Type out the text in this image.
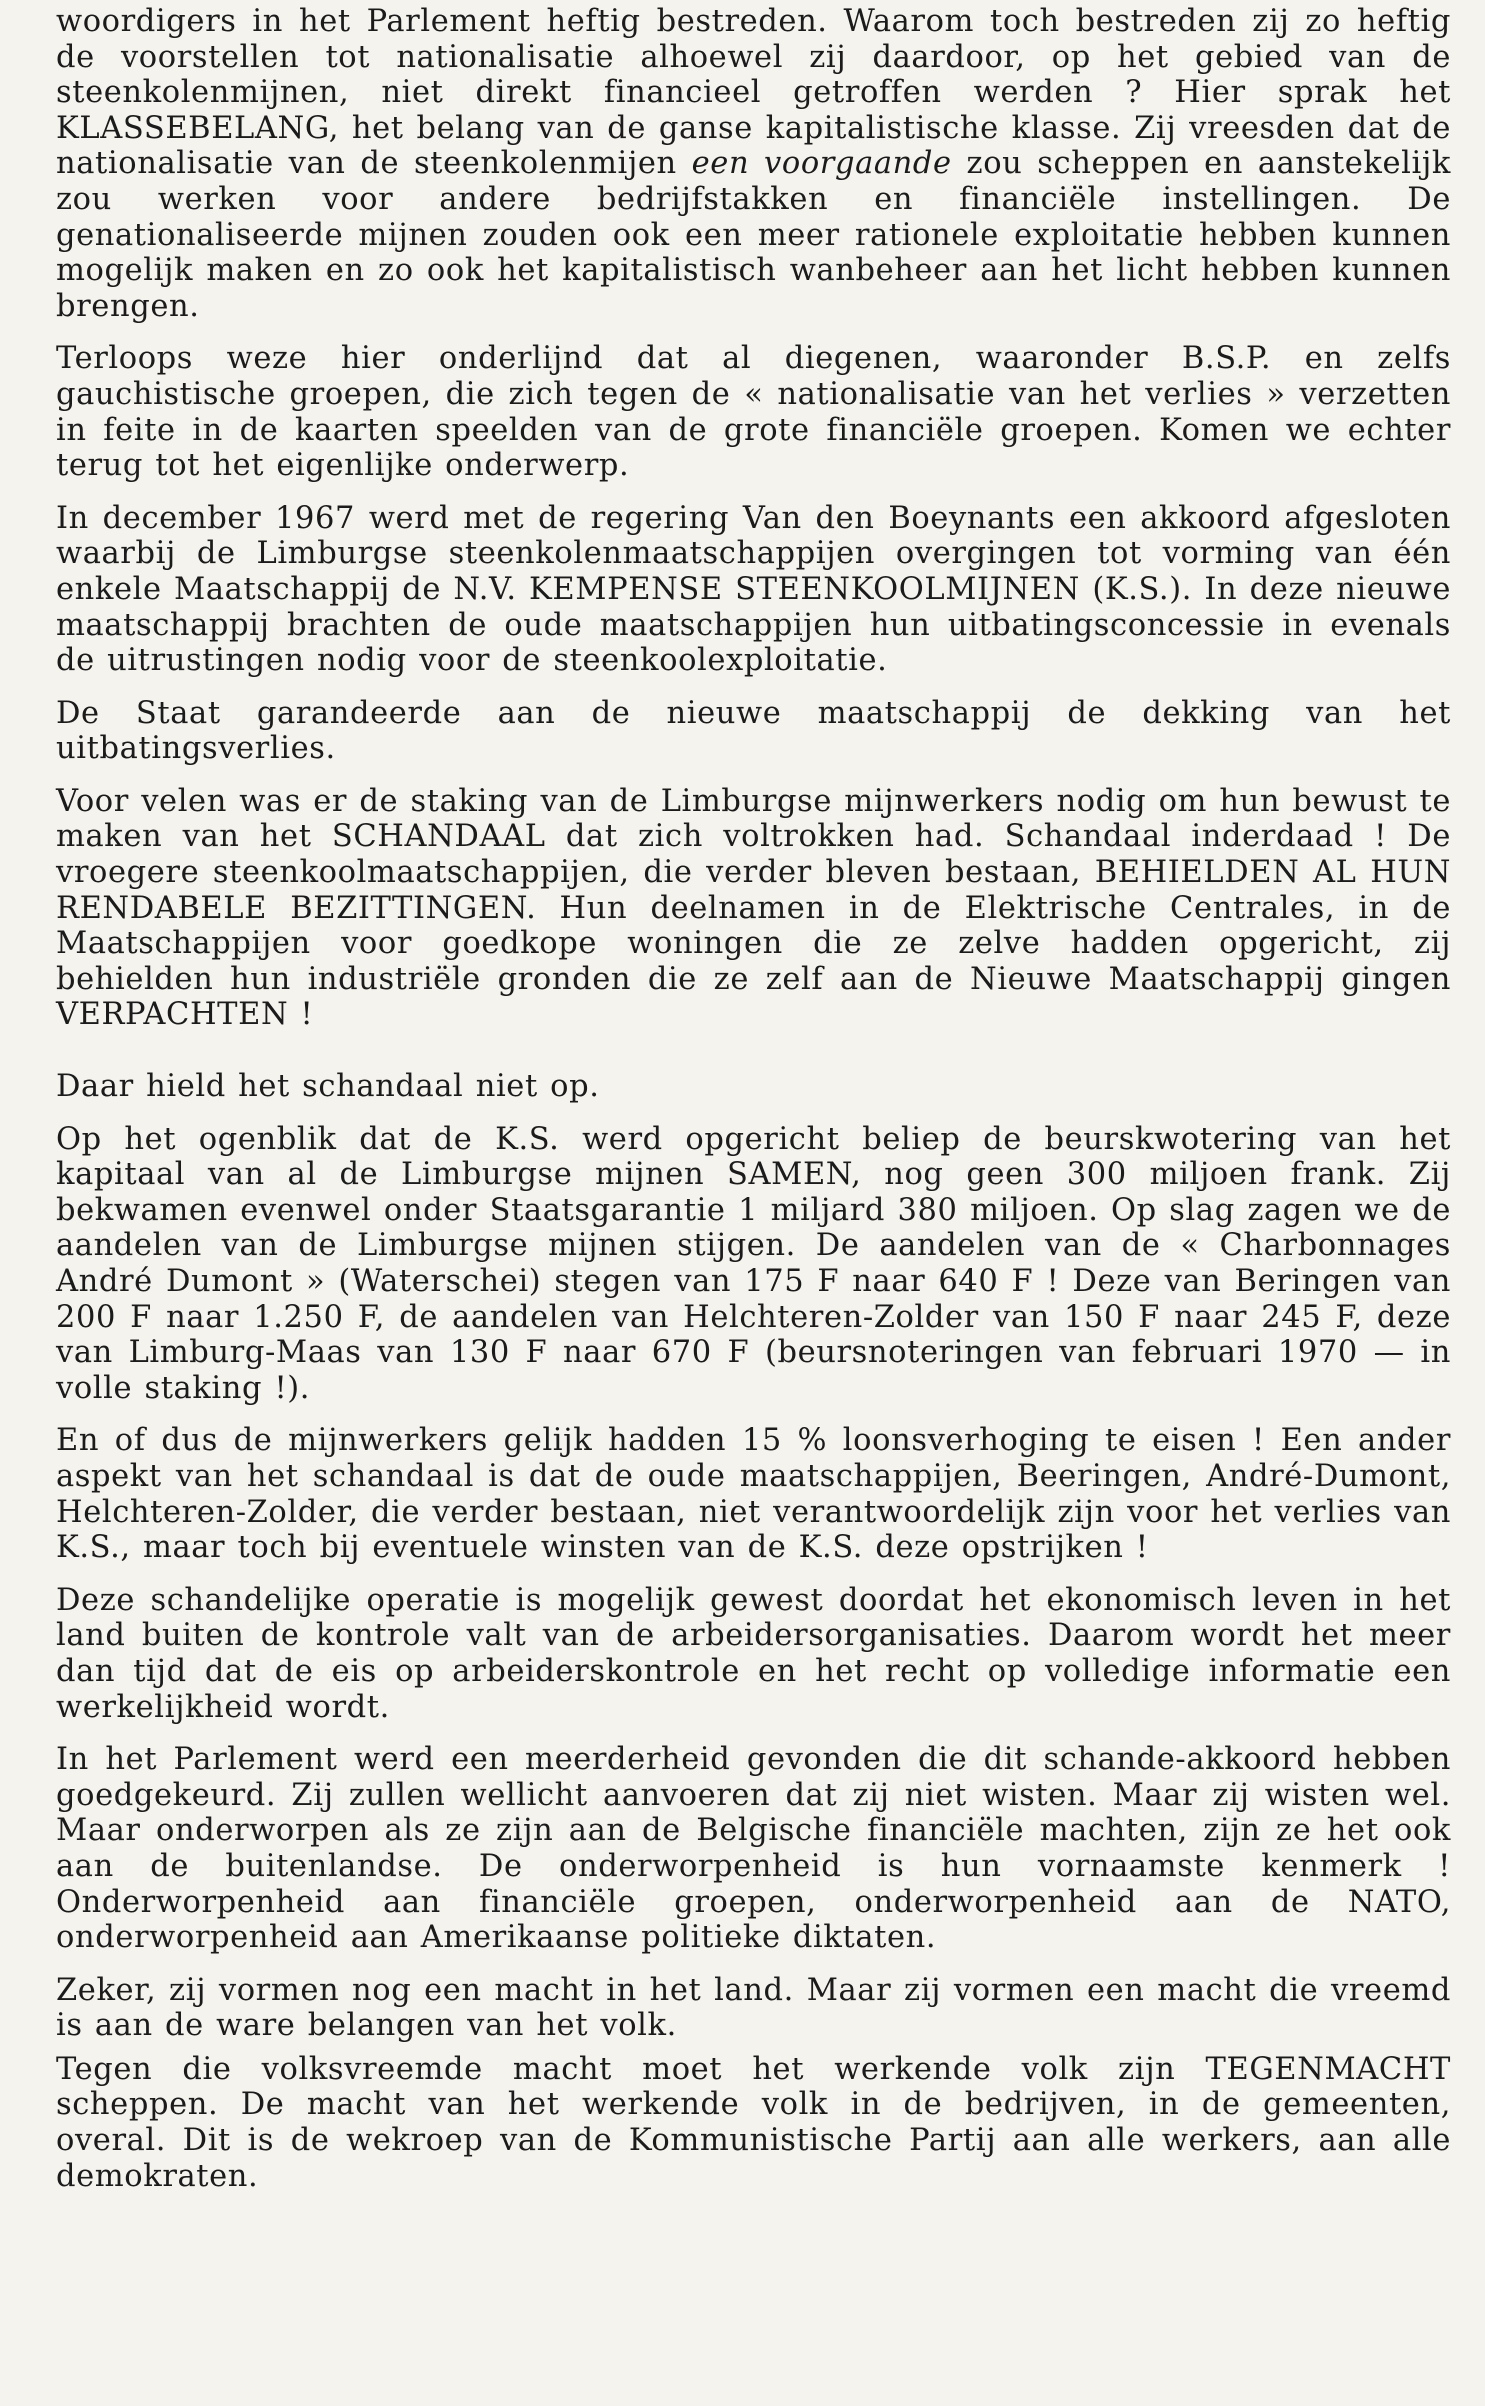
woordigers in het Parlement heftig bestreden. Waarom toch bestreden zij zo heftig de voorstellen tot nationalisatie alhoewel zij daardoor, op het gebied van de steenkolenmijnen, niet direkt financieel getroffen werden ? Hier sprak het KLASSEBELANG, het belang van de ganse kapitalistische klasse. Zij vreesden dat de nationalisatie van de steenkolenmijen een voorgaande zou scheppen en aanstekelijk zou werken voor andere bedrijfstakken en financiële instellingen. De genationaliseerde mijnen zouden ook een meer rationele exploitatie hebben kunnen mogelijk maken en zo ook het kapitalistisch wanbeheer aan het licht hebben kunnen brengen.

Terloops weze hier onderlijnd dat al diegenen, waaronder B.S.P. en zelfs gauchistische groepen, die zich tegen de « nationalisatie van het verlies » verzetten in feite in de kaarten speelden van de grote financiële groepen. Komen we echter terug tot het eigenlijke onderwerp.

In december 1967 werd met de regering Van den Boeynants een akkoord afgesloten waarbij de Limburgse steenkolenmaatschappijen overgingen tot vorming van één enkele Maatschappij de N.V. KEMPENSE STEENKOOLMIJNEN (K.S.). In deze nieuwe maatschappij brachten de oude maatschappijen hun uitbatingsconcessie in evenals de uitrustingen nodig voor de steenkoolexploitatie.

De Staat garandeerde aan de nieuwe maatschappij de dekking van het uitbatingsverlies.

Voor velen was er de staking van de Limburgse mijnwerkers nodig om hun bewust te maken van het SCHANDAAL dat zich voltrokken had. Schandaal inderdaad ! De vroegere steenkoolmaatschappijen, die verder bleven bestaan, BEHIELDEN AL HUN RENDABELE BEZITTINGEN. Hun deelnamen in de Elektrische Centrales, in de Maatschappijen voor goedkope woningen die ze zelve hadden opgericht, zij behielden hun industriële gronden die ze zelf aan de Nieuwe Maatschappij gingen VERPACHTEN !

Daar hield het schandaal niet op.

Op het ogenblik dat de K.S. werd opgericht beliep de beurskwotering van het kapitaal van al de Limburgse mijnen SAMEN, nog geen 300 miljoen frank. Zij bekwamen evenwel onder Staatsgarantie 1 miljard 380 miljoen. Op slag zagen we de aandelen van de Limburgse mijnen stijgen. De aandelen van de « Charbonnages André Dumont » (Waterschei) stegen van 175 F naar 640 F ! Deze van Beringen van 200 F naar 1.250 F, de aandelen van Helchteren-Zolder van 150 F naar 245 F, deze van Limburg-Maas van 130 F naar 670 F (beursnoteringen van februari 1970 — in volle staking !).

En of dus de mijnwerkers gelijk hadden 15 % loonsverhoging te eisen ! Een ander aspekt van het schandaal is dat de oude maatschappijen, Beeringen, André-Dumont, Helchteren-Zolder, die verder bestaan, niet verantwoordelijk zijn voor het verlies van K.S., maar toch bij eventuele winsten van de K.S. deze opstrijken !

Deze schandelijke operatie is mogelijk gewest doordat het ekonomisch leven in het land buiten de kontrole valt van de arbeidersorganisaties. Daarom wordt het meer dan tijd dat de eis op arbeiderskontrole en het recht op volledige informatie een werkelijkheid wordt.

In het Parlement werd een meerderheid gevonden die dit schande-akkoord hebben goedgekeurd. Zij zullen wellicht aanvoeren dat zij niet wisten. Maar zij wisten wel. Maar onderworpen als ze zijn aan de Belgische financiële machten, zijn ze het ook aan de buitenlandse. De onderworpenheid is hun vornaamste kenmerk ! Onderworpenheid aan financiële groepen, onderworpenheid aan de NATO, onderworpenheid aan Amerikaanse politieke diktaten.

Zeker, zij vormen nog een macht in het land. Maar zij vormen een macht die vreemd is aan de ware belangen van het volk.

Tegen die volksvreemde macht moet het werkende volk zijn TEGENMACHT scheppen. De macht van het werkende volk in de bedrijven, in de gemeenten, overal. Dit is de wekroep van de Kommunistische Partij aan alle werkers, aan alle demokraten.
